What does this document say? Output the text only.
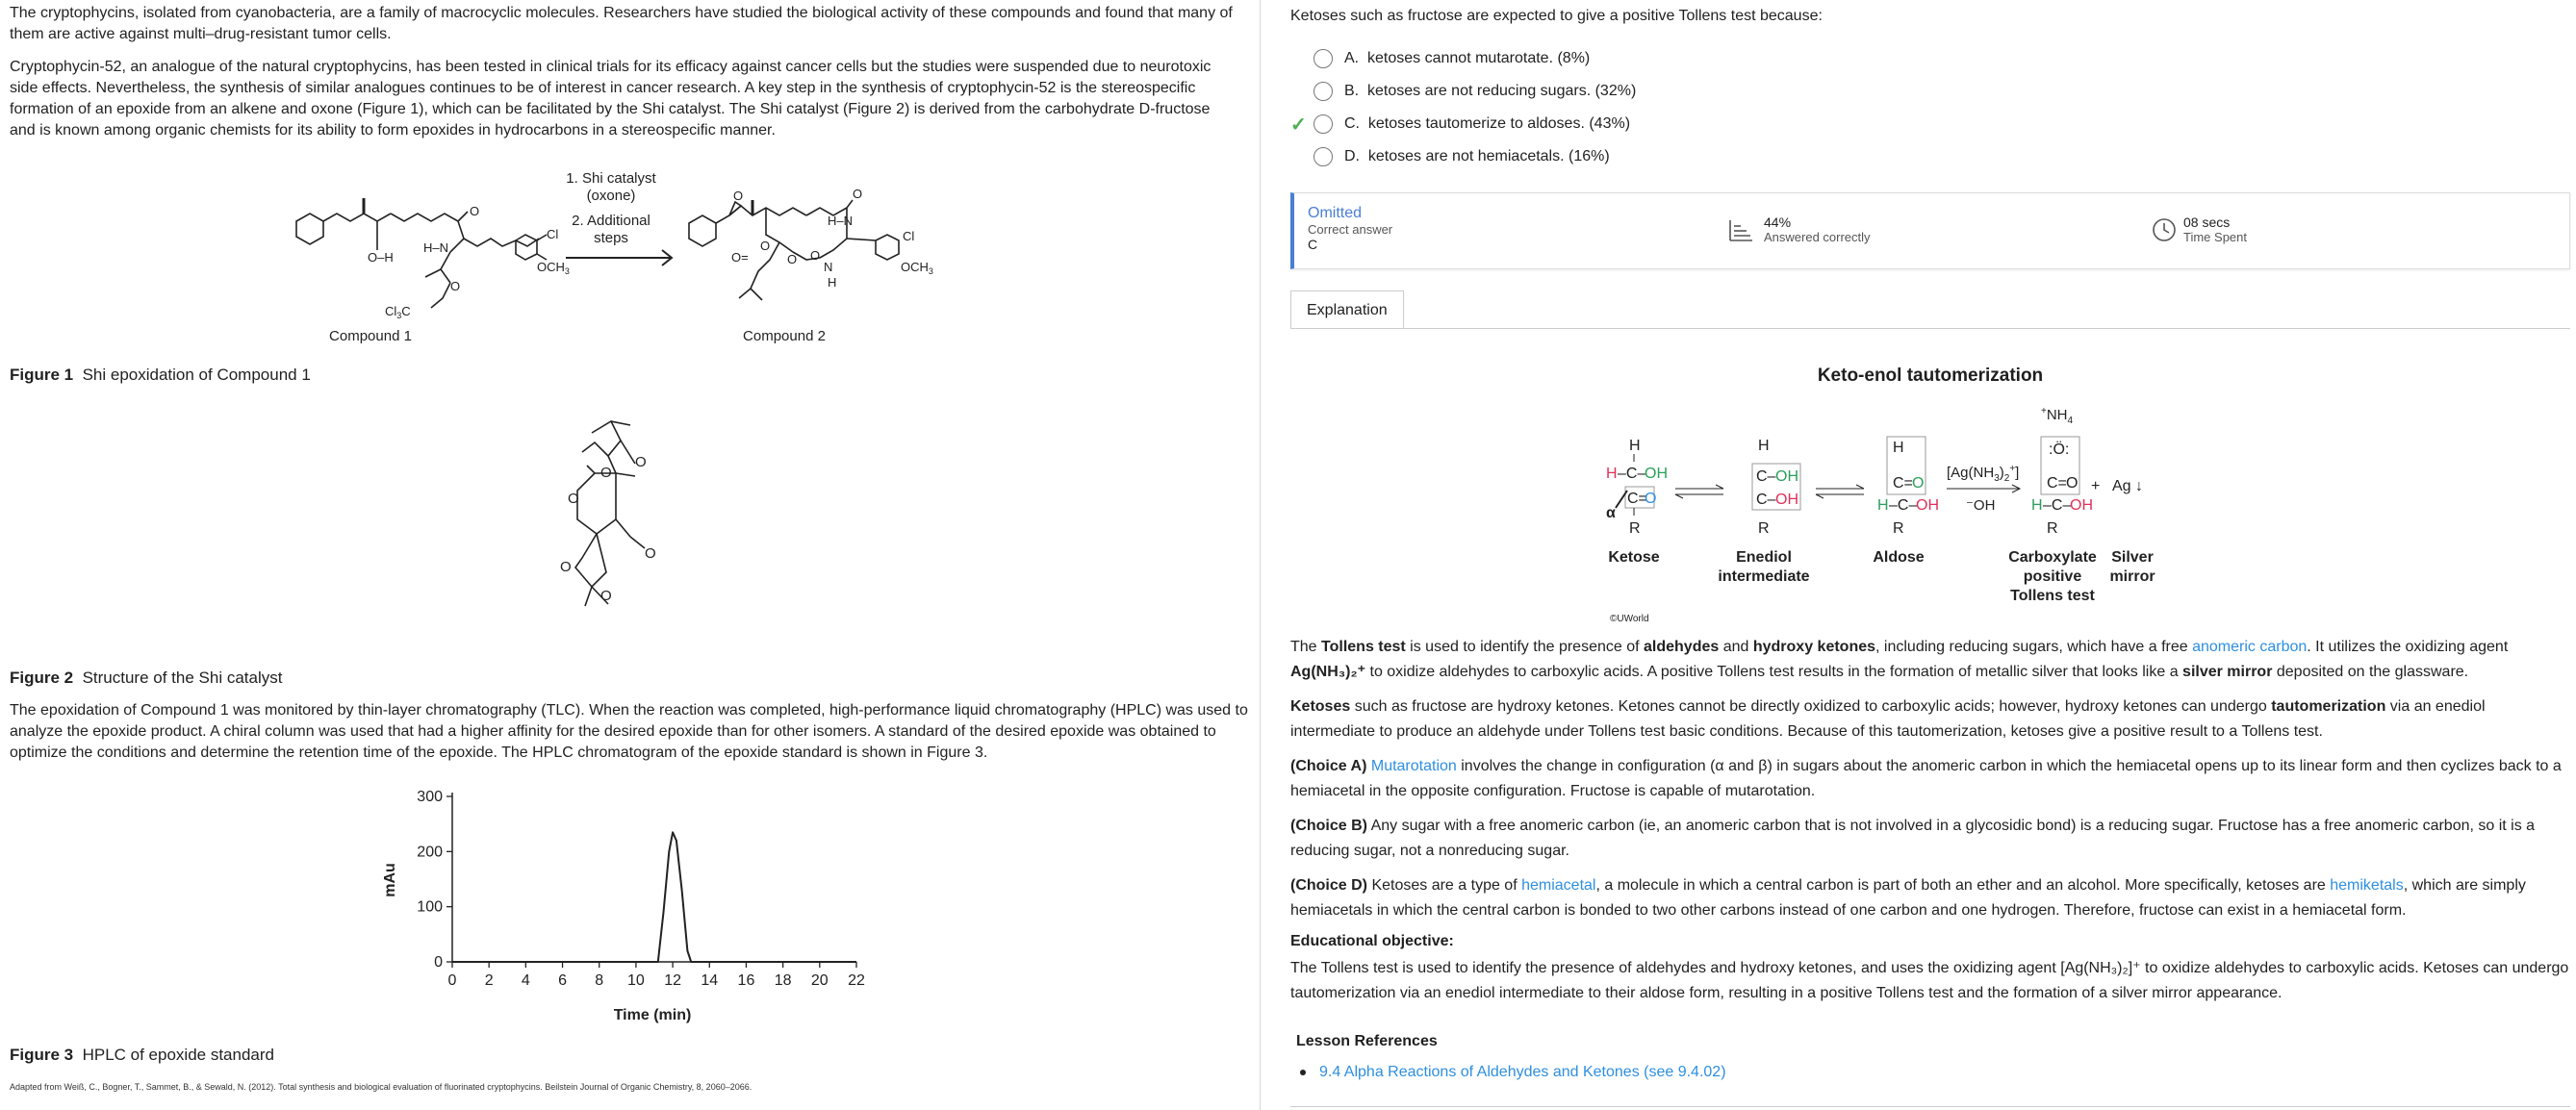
The cryptophycins, isolated from cyanobacteria, are a family of macrocyclic molecules. Researchers have studied the biological activity of these compounds and found that many of them are active against multi–drug-resistant tumor cells.
Cryptophycin-52, an analogue of the natural cryptophycins, has been tested in clinical trials for its efficacy against cancer cells but the studies were suspended due to neurotoxic side effects. Nevertheless, the synthesis of similar analogues continues to be of interest in cancer research. A key step in the synthesis of cryptophycin-52 is the stereospecific formation of an epoxide from an alkene and oxone (Figure 1), which can be facilitated by the Shi catalyst. The Shi catalyst (Figure 2) is derived from the carbohydrate D-fructose and is known among organic chemists for its ability to form epoxides in hydrocarbons in a stereospecific manner.
O
O–H
H–N
Cl
$OCH_3$
O
$Cl_3C$
1. Shi catalyst
(oxone)
2. Additional
steps
O	O
O
H–N
Cl
$OCH_3$
O=	O
N
H
O
Compound 1	Compound 2
Figure 1 Shi epoxidation of Compound 1
O
O
O
O
O
O
Figure 2 Structure of the Shi catalyst
The epoxidation of Compound 1 was monitored by thin-layer chromatography (TLC). When the reaction was completed, high-performance liquid chromatography (HPLC) was used to analyze the epoxide product. A chiral column was used that had a higher affinity for the desired epoxide than for other isomers. A standard of the desired epoxide was obtained to optimize the conditions and determine the retention time of the epoxide. The HPLC chromatogram of the epoxide standard is shown in Figure 3.
mAu
Time (min)
0
100
200
300
0 2 4 6 8 10 12 14 16 18 20 22
Figure 3 HPLC of epoxide standard
Adapted from Weiß, C., Bogner, T., Sammet, B., & Sewald, N. (2012). Total synthesis and biological evaluation of fluorinated cryptophycins. Beilstein Journal of Organic Chemistry, 8, 2060–2066.
Ketoses such as fructose are expected to give a positive Tollens test because:
A.
ketoses cannot mutarotate. (8%)
B.
ketoses are not reducing sugars. (32%)
✓	C.
ketoses tautomerize to aldoses. (43%)
D.
ketoses are not hemiacetals. (16%)
Omitted
Correct answer
C
44%
Answered correctly
08 secs
Time Spent
Explanation
Keto-enol tautomerization
H
H –C–
OH
C=
O
R
α
Ketose
H
C– OH
C– OH
R
Enediol
intermediate
H
C= O
H –C–
OH
R
Aldose
$[Ag(NH_3)_2^+]$
⁻OH
$^+NH_4$
:Ö:
C= O
H –C–
OH
R
+ Ag ↓
Carboxylate
positive
Tollens test
Silver
mirror
©UWorld
The Tollens test is used to identify the presence of aldehydes and hydroxy ketones, including reducing sugars, which have a free anomeric carbon. It utilizes the oxidizing agent Ag(NH₃)₂⁺ to oxidize aldehydes to carboxylic acids. A positive Tollens test results in the formation of metallic silver that looks like a silver mirror deposited on the glassware.
Ketoses such as fructose are hydroxy ketones. Ketones cannot be directly oxidized to carboxylic acids; however, hydroxy ketones can undergo tautomerization via an enediol intermediate to produce an aldehyde under Tollens test basic conditions. Because of this tautomerization, ketoses give a positive result to a Tollens test.
(Choice A) Mutarotation involves the change in configuration (α and β) in sugars about the anomeric carbon in which the hemiacetal opens up to its linear form and then cyclizes back to a hemiacetal in the opposite configuration. Fructose is capable of mutarotation.
(Choice B) Any sugar with a free anomeric carbon (ie, an anomeric carbon that is not involved in a glycosidic bond) is a reducing sugar. Fructose has a free anomeric carbon, so it is a reducing sugar, not a nonreducing sugar.
(Choice D) Ketoses are a type of hemiacetal, a molecule in which a central carbon is part of both an ether and an alcohol. More specifically, ketoses are hemiketals, which are simply hemiacetals in which the central carbon is bonded to two other carbons instead of one carbon and one hydrogen. Therefore, fructose can exist in a hemiacetal form.
Educational objective:
The Tollens test is used to identify the presence of aldehydes and hydroxy ketones, and uses the oxidizing agent [Ag(NH₃)₂]⁺ to oxidize aldehydes to carboxylic acids. Ketoses can undergo tautomerization via an enediol intermediate to their aldose form, resulting in a positive Tollens test and the formation of a silver mirror appearance.
Lesson References
9.4 Alpha Reactions of Aldehydes and Ketones (see 9.4.02)
